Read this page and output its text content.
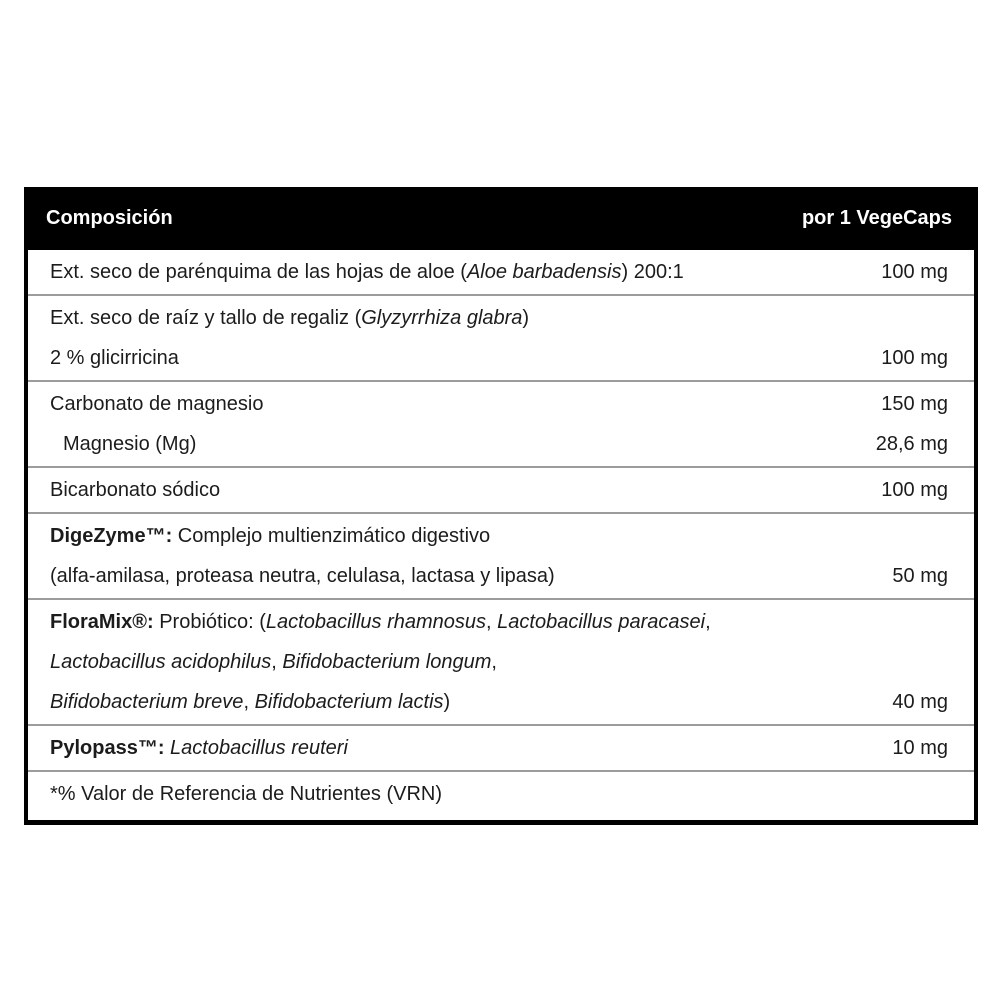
Composición	por 1 VegeCaps
Ext. seco de parénquima de las hojas de aloe (Aloe barbadensis) 200:1	100 mg
Ext. seco de raíz y tallo de regaliz (Glyzyrrhiza glabra)
2 % glicirricina	100 mg
Carbonato de magnesio	150 mg
Magnesio (Mg)	28,6 mg
Bicarbonato sódico	100 mg
DigeZyme™: Complejo multienzimático digestivo
(alfa-amilasa, proteasa neutra, celulasa, lactasa y lipasa)	50 mg
FloraMix®: Probiótico: (Lactobacillus rhamnosus, Lactobacillus paracasei,
Lactobacillus acidophilus, Bifidobacterium longum,
Bifidobacterium breve, Bifidobacterium lactis)	40 mg
Pylopass™: Lactobacillus reuteri	10 mg
*% Valor de Referencia de Nutrientes (VRN)
